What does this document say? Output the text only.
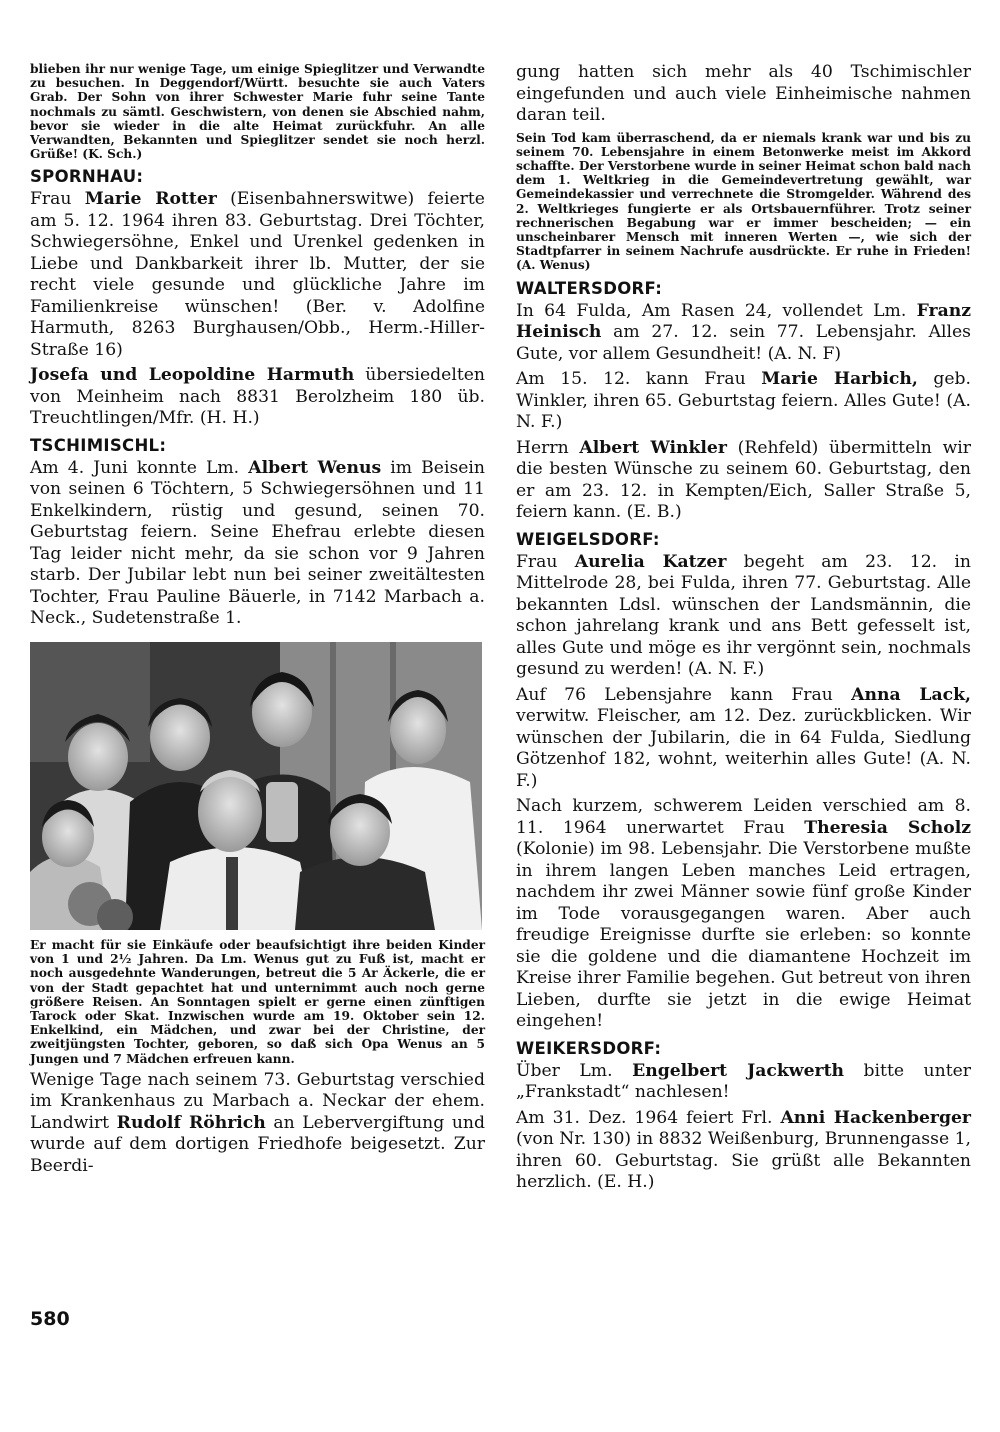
blieben ihr nur wenige Tage, um einige Spieglitzer und Verwandte zu besuchen. In Deggendorf/Württ. besuchte sie auch Vaters Grab. Der Sohn von ihrer Schwester Marie fuhr seine Tante nochmals zu sämtl. Geschwistern, von denen sie Abschied nahm, bevor sie wieder in die alte Heimat zurückfuhr. An alle Verwandten, Bekannten und Spieglitzer sendet sie noch herzl. Grüße! (K. Sch.)

SPORNHAU:

Frau Marie Rotter (Eisenbahnerswitwe) feierte am 5. 12. 1964 ihren 83. Geburtstag. Drei Töchter, Schwiegersöhne, Enkel und Urenkel gedenken in Liebe und Dankbarkeit ihrer lb. Mutter, der sie recht viele gesunde und glückliche Jahre im Familienkreise wünschen! (Ber. v. Adolfine Harmuth, 8263 Burghausen/Obb., Herm.-Hiller-Straße 16)

Josefa und Leopoldine Harmuth übersiedelten von Meinheim nach 8831 Berolzheim 180 üb. Treuchtlingen/Mfr. (H. H.)

TSCHIMISCHL:

Am 4. Juni konnte Lm. Albert Wenus im Beisein von seinen 6 Töchtern, 5 Schwiegersöhnen und 11 Enkelkindern, rüstig und gesund, seinen 70. Geburtstag feiern. Seine Ehefrau erlebte diesen Tag leider nicht mehr, da sie schon vor 9 Jahren starb. Der Jubilar lebt nun bei seiner zweitältesten Tochter, Frau Pauline Bäuerle, in 7142 Marbach a. Neck., Sudetenstraße 1.

Er macht für sie Einkäufe oder beaufsichtigt ihre beiden Kinder von 1 und 2½ Jahren. Da Lm. Wenus gut zu Fuß ist, macht er noch ausgedehnte Wanderungen, betreut die 5 Ar Äckerle, die er von der Stadt gepachtet hat und unternimmt auch noch gerne größere Reisen. An Sonntagen spielt er gerne einen zünftigen Tarock oder Skat. Inzwischen wurde am 19. Oktober sein 12. Enkelkind, ein Mädchen, und zwar bei der Christine, der zweitjüngsten Tochter, geboren, so daß sich Opa Wenus an 5 Jungen und 7 Mädchen erfreuen kann.

Wenige Tage nach seinem 73. Geburtstag verschied im Krankenhaus zu Marbach a. Neckar der ehem. Landwirt Rudolf Röhrich an Lebervergiftung und wurde auf dem dortigen Friedhofe beigesetzt. Zur Beerdi-

gung hatten sich mehr als 40 Tschimischler eingefunden und auch viele Einheimische nahmen daran teil.

Sein Tod kam überraschend, da er niemals krank war und bis zu seinem 70. Lebensjahre in einem Betonwerke meist im Akkord schaffte. Der Verstorbene wurde in seiner Heimat schon bald nach dem 1. Weltkrieg in die Gemeindevertretung gewählt, war Gemeindekassier und verrechnete die Stromgelder. Während des 2. Weltkrieges fungierte er als Ortsbauernführer. Trotz seiner rechnerischen Begabung war er immer bescheiden; — ein unscheinbarer Mensch mit inneren Werten —, wie sich der Stadtpfarrer in seinem Nachrufe ausdrückte. Er ruhe in Frieden! (A. Wenus)

WALTERSDORF:

In 64 Fulda, Am Rasen 24, vollendet Lm. Franz Heinisch am 27. 12. sein 77. Lebensjahr. Alles Gute, vor allem Gesundheit! (A. N. F)

Am 15. 12. kann Frau Marie Harbich, geb. Winkler, ihren 65. Geburtstag feiern. Alles Gute! (A. N. F.)

Herrn Albert Winkler (Rehfeld) übermitteln wir die besten Wünsche zu seinem 60. Geburtstag, den er am 23. 12. in Kempten/Eich, Saller Straße 5, feiern kann. (E. B.)

WEIGELSDORF:

Frau Aurelia Katzer begeht am 23. 12. in Mittelrode 28, bei Fulda, ihren 77. Geburtstag. Alle bekannten Ldsl. wünschen der Landsmännin, die schon jahrelang krank und ans Bett gefesselt ist, alles Gute und möge es ihr vergönnt sein, nochmals gesund zu werden! (A. N. F.)

Auf 76 Lebensjahre kann Frau Anna Lack, verwitw. Fleischer, am 12. Dez. zurückblicken. Wir wünschen der Jubilarin, die in 64 Fulda, Siedlung Götzenhof 182, wohnt, weiterhin alles Gute! (A. N. F.)

Nach kurzem, schwerem Leiden verschied am 8. 11. 1964 unerwartet Frau Theresia Scholz (Kolonie) im 98. Lebensjahr. Die Verstorbene mußte in ihrem langen Leben manches Leid ertragen, nachdem ihr zwei Männer sowie fünf große Kinder im Tode vorausgegangen waren. Aber auch freudige Ereignisse durfte sie erleben: so konnte sie die goldene und die diamantene Hochzeit im Kreise ihrer Familie begehen. Gut betreut von ihren Lieben, durfte sie jetzt in die ewige Heimat eingehen!

WEIKERSDORF:

Über Lm. Engelbert Jackwerth bitte unter „Frankstadt“ nachlesen!

Am 31. Dez. 1964 feiert Frl. Anni Hackenberger (von Nr. 130) in 8832 Weißenburg, Brunnengasse 1, ihren 60. Geburtstag. Sie grüßt alle Bekannten herzlich. (E. H.)

580
